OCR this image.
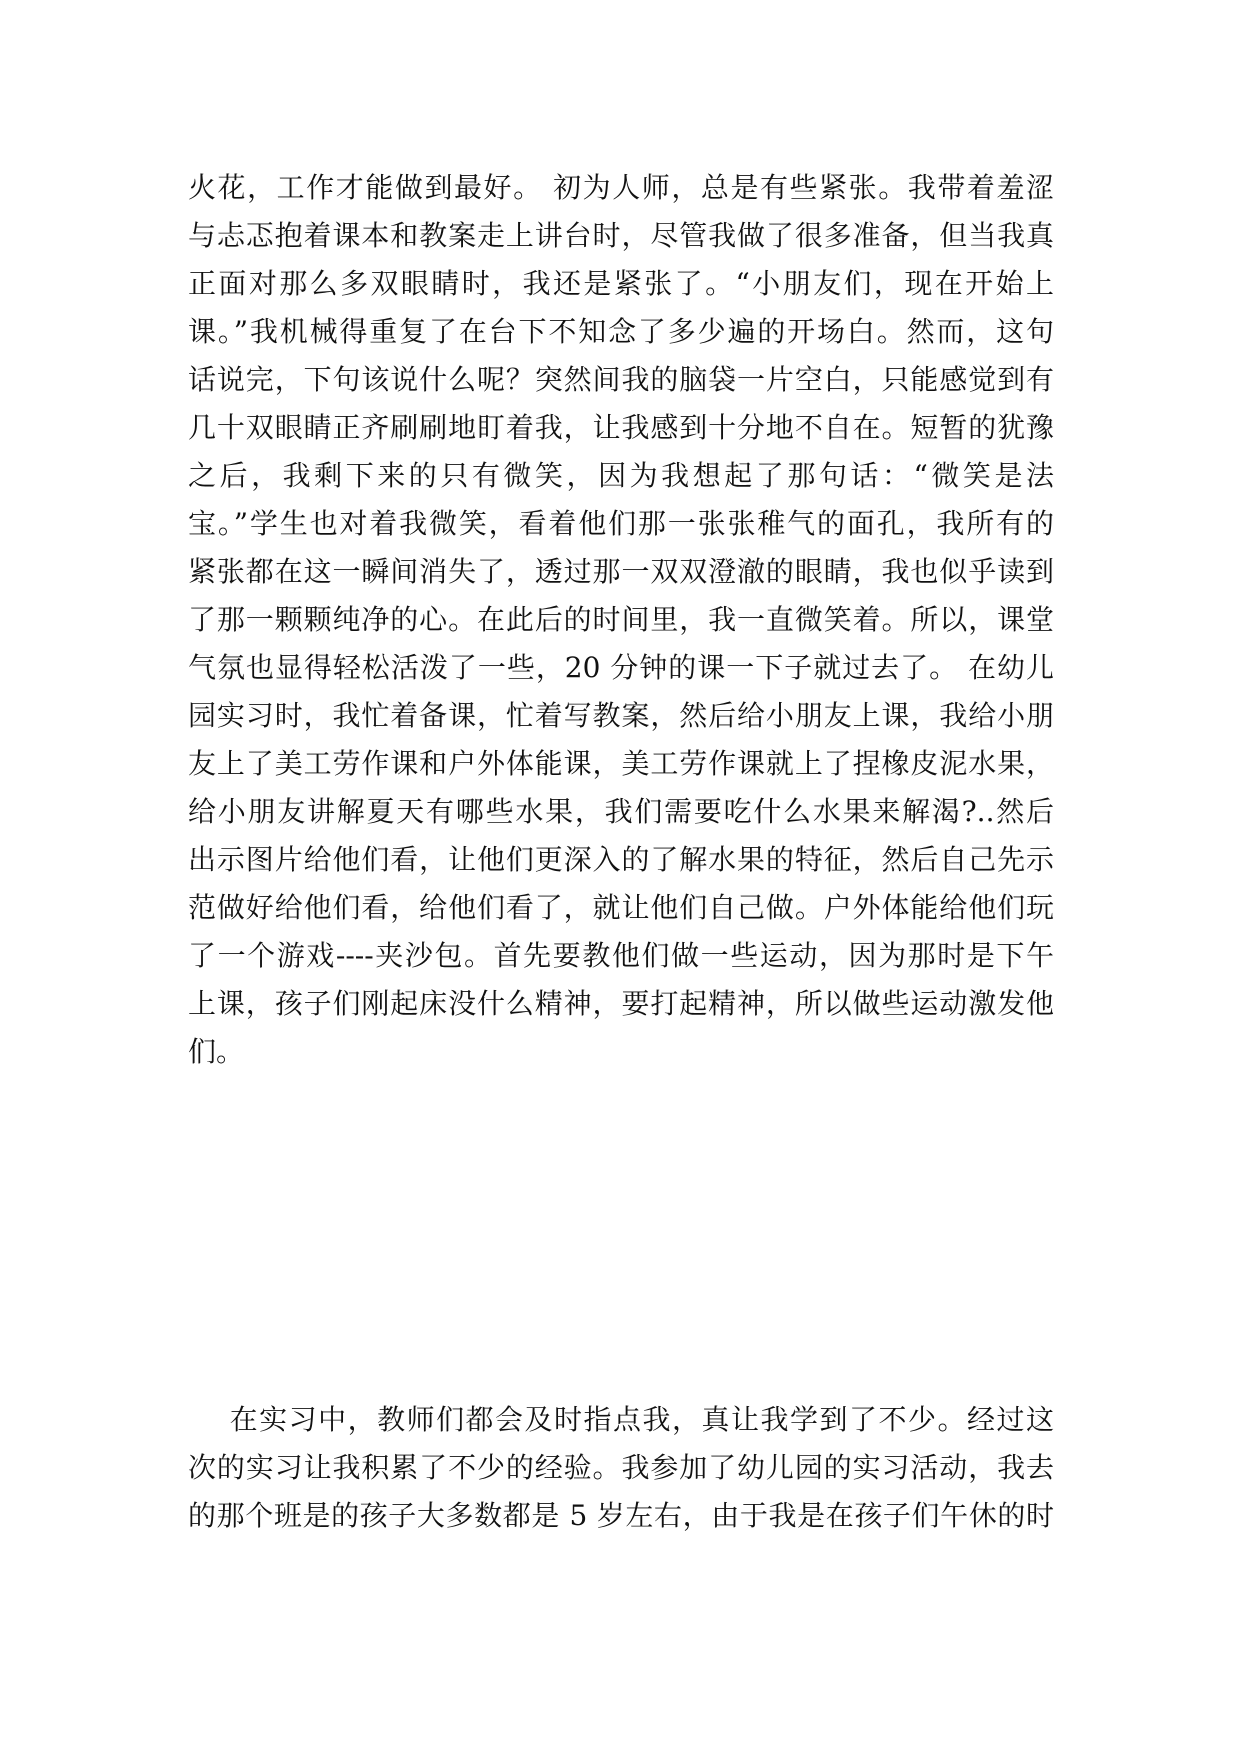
火花，工作才能做到最好。 初为人师，总是有些紧张。我带着羞涩
与忐忑抱着课本和教案走上讲台时，尽管我做了很多准备，但当我真
正面对那么多双眼睛时，我还是紧张了。“小朋友们，现在开始上
课。”我机械得重复了在台下不知念了多少遍的开场白。然而，这句
话说完，下句该说什么呢？突然间我的脑袋一片空白，只能感觉到有
几十双眼睛正齐刷刷地盯着我，让我感到十分地不自在。短暂的犹豫
之后，我剩下来的只有微笑，因为我想起了那句话：“微笑是法
宝。”学生也对着我微笑，看着他们那一张张稚气的面孔，我所有的
紧张都在这一瞬间消失了，透过那一双双澄澈的眼睛，我也似乎读到
了那一颗颗纯净的心。在此后的时间里，我一直微笑着。所以，课堂
气氛也显得轻松活泼了一些，20 分钟的课一下子就过去了。 在幼儿
园实习时，我忙着备课，忙着写教案，然后给小朋友上课，我给小朋
友上了美工劳作课和户外体能课，美工劳作课就上了捏橡皮泥水果，
给小朋友讲解夏天有哪些水果，我们需要吃什么水果来解渴?..然后
出示图片给他们看，让他们更深入的了解水果的特征，然后自己先示
范做好给他们看，给他们看了，就让他们自己做。户外体能给他们玩
了一个游戏----夹沙包。首先要教他们做一些运动，因为那时是下午
上课，孩子们刚起床没什么精神，要打起精神，所以做些运动激发他
们。
在实习中，教师们都会及时指点我，真让我学到了不少。经过这
次的实习让我积累了不少的经验。我参加了幼儿园的实习活动，我去
的那个班是的孩子大多数都是 5 岁左右，由于我是在孩子们午休的时
